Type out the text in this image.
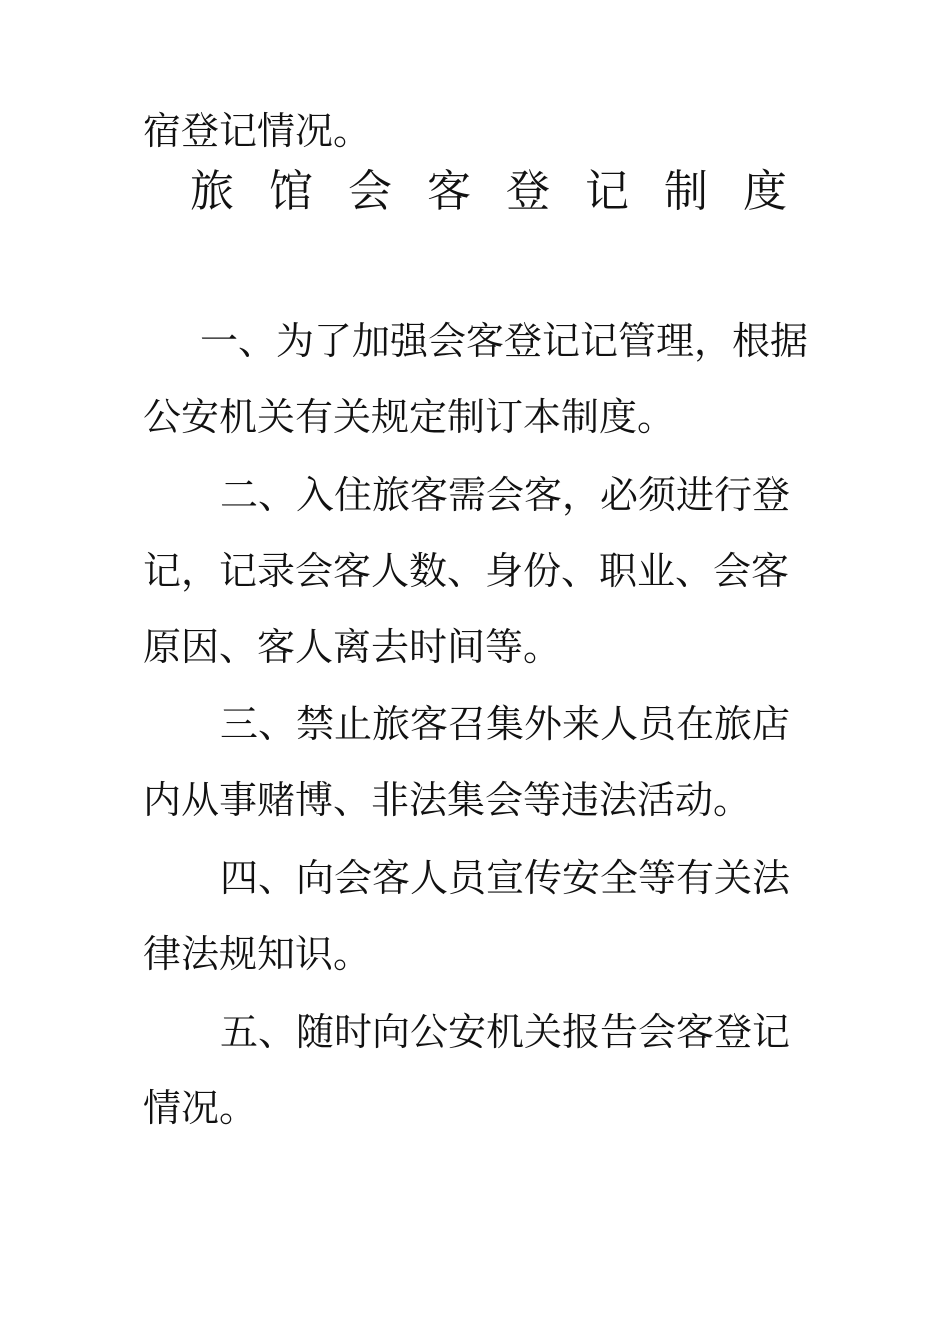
宿登记情况。
旅馆会客登记制度
一、为了加强会客登记记管理，根据
公安机关有关规定制订本制度。
二、入住旅客需会客，必须进行登
记，记录会客人数、身份、职业、会客
原因、客人离去时间等。
三、禁止旅客召集外来人员在旅店
内从事赌博、非法集会等违法活动。
四、向会客人员宣传安全等有关法
律法规知识。
五、随时向公安机关报告会客登记
情况。
